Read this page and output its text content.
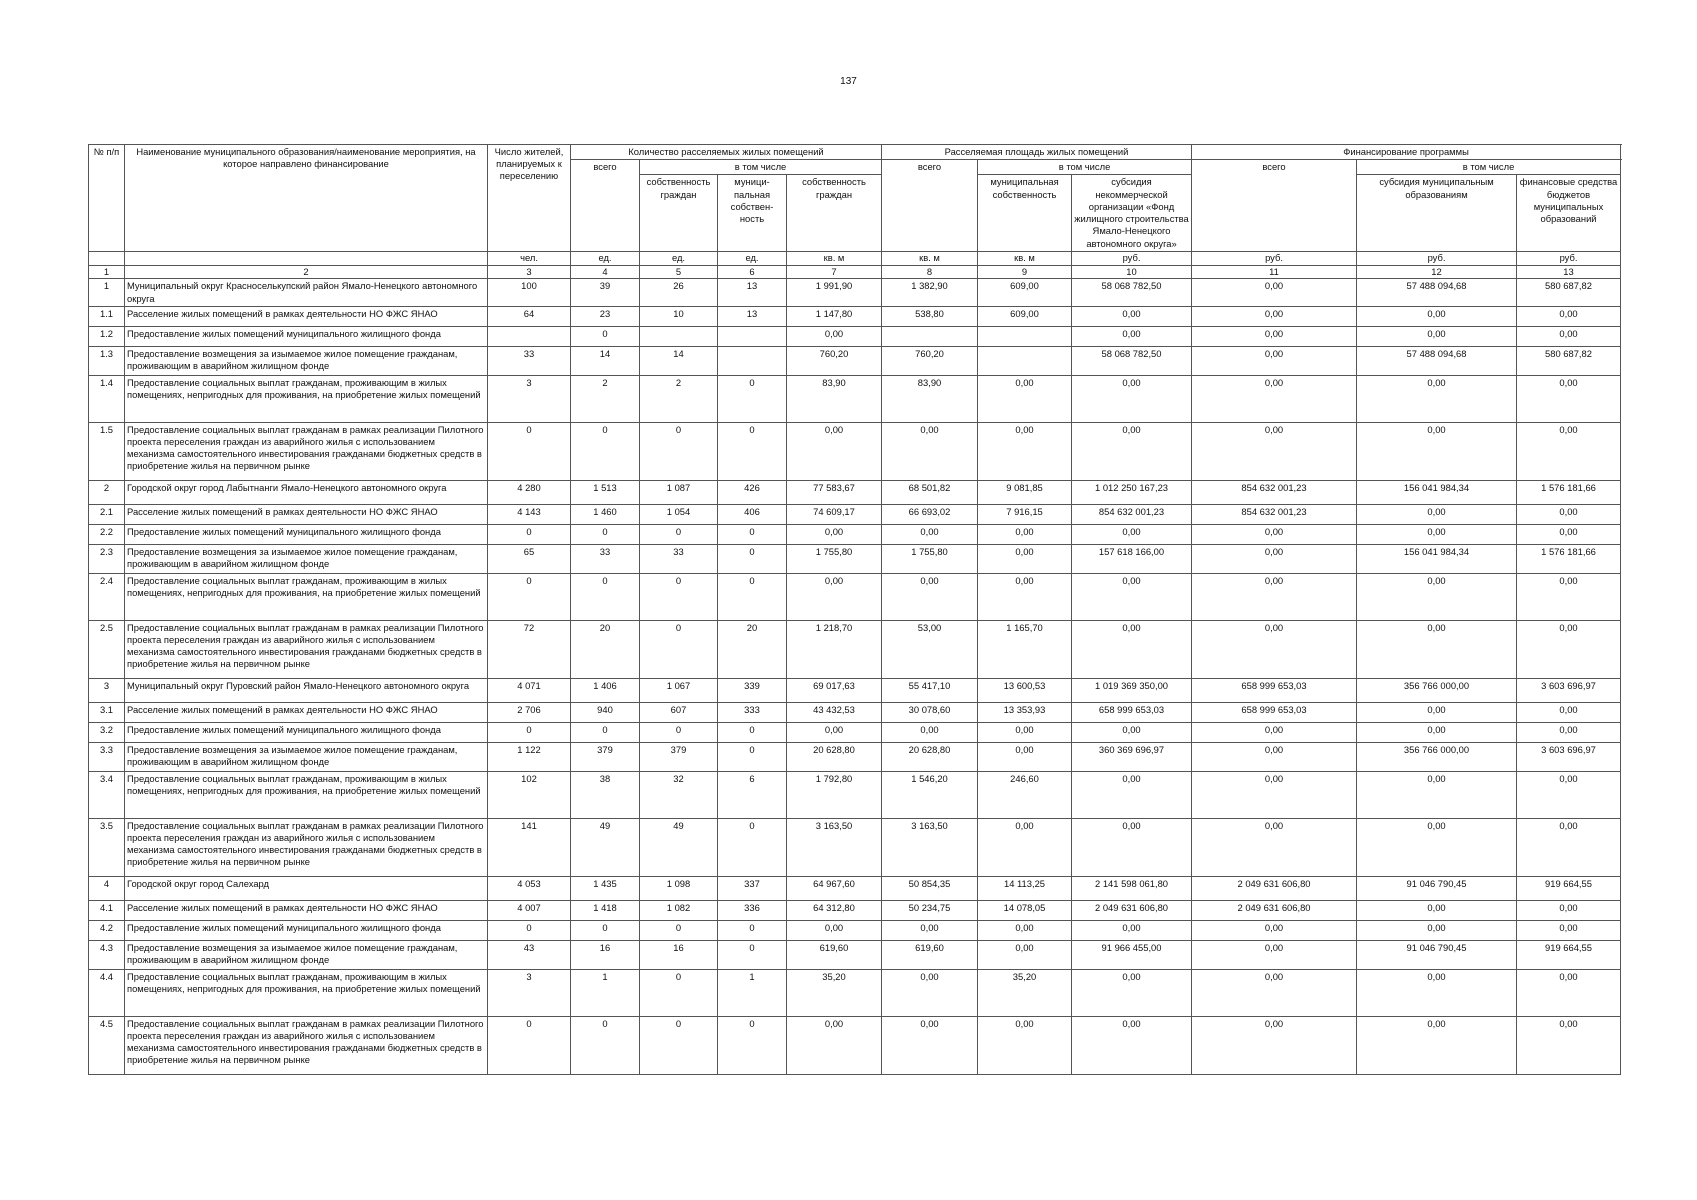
137
№ п/п	Наименование муниципального образования/наименование мероприятия, на которое направлено финансирование	Число жителей, планируемых к переселению	Количество расселяемых жилых помещений				Расселяемая площадь жилых помещений			Финансирование программы		
			всего	в том числе			всего	в том числе		всего	в том числе	
				собственность граждан	муници-пальная собствен-ность	собственность граждан		муниципальная собственность	субсидия некоммерческой организации «Фонд жилищного строительства Ямало-Ненецкого автономного округа»		субсидия муниципальным образованиям	финансовые средства бюджетов муниципальных образований
		чел.	ед.	ед.	ед.	кв. м	кв. м	кв. м	руб.	руб.	руб.	руб.
1	2	3	4	5	6	7	8	9	10	11	12	13
1	Муниципальный округ Красноселькупский район Ямало-Ненецкого автономного округа	100	39	26	13	1 991,90	1 382,90	609,00	58 068 782,50	0,00	57 488 094,68	580 687,82
1.1	Расселение жилых помещений в рамках деятельности НО ФЖС ЯНАО	64	23	10	13	1 147,80	538,80	609,00	0,00	0,00	0,00	0,00
1.2	Предоставление жилых помещений муниципального жилищного фонда		0			0,00			0,00	0,00	0,00	0,00
1.3	Предоставление возмещения за изымаемое жилое помещение гражданам, проживающим в аварийном жилищном фонде	33	14	14		760,20	760,20		58 068 782,50	0,00	57 488 094,68	580 687,82
1.4	Предоставление социальных выплат гражданам, проживающим в жилых помещениях, непригодных для проживания, на приобретение жилых помещений	3	2	2	0	83,90	83,90	0,00	0,00	0,00	0,00	0,00
1.5	Предоставление социальных выплат гражданам в рамках реализации Пилотного проекта переселения граждан из аварийного жилья с использованием механизма самостоятельного инвестирования гражданами бюджетных средств в приобретение жилья на первичном рынке	0	0	0	0	0,00	0,00	0,00	0,00	0,00	0,00	0,00
2	Городской округ город Лабытнанги Ямало-Ненецкого автономного округа	4 280	1 513	1 087	426	77 583,67	68 501,82	9 081,85	1 012 250 167,23	854 632 001,23	156 041 984,34	1 576 181,66
2.1	Расселение жилых помещений в рамках деятельности НО ФЖС ЯНАО	4 143	1 460	1 054	406	74 609,17	66 693,02	7 916,15	854 632 001,23	854 632 001,23	0,00	0,00
2.2	Предоставление жилых помещений муниципального жилищного фонда	0	0	0	0	0,00	0,00	0,00	0,00	0,00	0,00	0,00
2.3	Предоставление возмещения за изымаемое жилое помещение гражданам, проживающим в аварийном жилищном фонде	65	33	33	0	1 755,80	1 755,80	0,00	157 618 166,00	0,00	156 041 984,34	1 576 181,66
2.4	Предоставление социальных выплат гражданам, проживающим в жилых помещениях, непригодных для проживания, на приобретение жилых помещений	0	0	0	0	0,00	0,00	0,00	0,00	0,00	0,00	0,00
2.5	Предоставление социальных выплат гражданам в рамках реализации Пилотного проекта переселения граждан из аварийного жилья с использованием механизма самостоятельного инвестирования гражданами бюджетных средств в приобретение жилья на первичном рынке	72	20	0	20	1 218,70	53,00	1 165,70	0,00	0,00	0,00	0,00
3	Муниципальный округ Пуровский район Ямало-Ненецкого автономного округа	4 071	1 406	1 067	339	69 017,63	55 417,10	13 600,53	1 019 369 350,00	658 999 653,03	356 766 000,00	3 603 696,97
3.1	Расселение жилых помещений в рамках деятельности НО ФЖС ЯНАО	2 706	940	607	333	43 432,53	30 078,60	13 353,93	658 999 653,03	658 999 653,03	0,00	0,00
3.2	Предоставление жилых помещений муниципального жилищного фонда	0	0	0	0	0,00	0,00	0,00	0,00	0,00	0,00	0,00
3.3	Предоставление возмещения за изымаемое жилое помещение гражданам, проживающим в аварийном жилищном фонде	1 122	379	379	0	20 628,80	20 628,80	0,00	360 369 696,97	0,00	356 766 000,00	3 603 696,97
3.4	Предоставление социальных выплат гражданам, проживающим в жилых помещениях, непригодных для проживания, на приобретение жилых помещений	102	38	32	6	1 792,80	1 546,20	246,60	0,00	0,00	0,00	0,00
3.5	Предоставление социальных выплат гражданам в рамках реализации Пилотного проекта переселения граждан из аварийного жилья с использованием механизма самостоятельного инвестирования гражданами бюджетных средств в приобретение жилья на первичном рынке	141	49	49	0	3 163,50	3 163,50	0,00	0,00	0,00	0,00	0,00
4	Городской округ город Салехард	4 053	1 435	1 098	337	64 967,60	50 854,35	14 113,25	2 141 598 061,80	2 049 631 606,80	91 046 790,45	919 664,55
4.1	Расселение жилых помещений в рамках деятельности НО ФЖС ЯНАО	4 007	1 418	1 082	336	64 312,80	50 234,75	14 078,05	2 049 631 606,80	2 049 631 606,80	0,00	0,00
4.2	Предоставление жилых помещений муниципального жилищного фонда	0	0	0	0	0,00	0,00	0,00	0,00	0,00	0,00	0,00
4.3	Предоставление возмещения за изымаемое жилое помещение гражданам, проживающим в аварийном жилищном фонде	43	16	16	0	619,60	619,60	0,00	91 966 455,00	0,00	91 046 790,45	919 664,55
4.4	Предоставление социальных выплат гражданам, проживающим в жилых помещениях, непригодных для проживания, на приобретение жилых помещений	3	1	0	1	35,20	0,00	35,20	0,00	0,00	0,00	0,00
4.5	Предоставление социальных выплат гражданам в рамках реализации Пилотного проекта переселения граждан из аварийного жилья с использованием механизма самостоятельного инвестирования гражданами бюджетных средств в приобретение жилья на первичном рынке	0	0	0	0	0,00	0,00	0,00	0,00	0,00	0,00	0,00
